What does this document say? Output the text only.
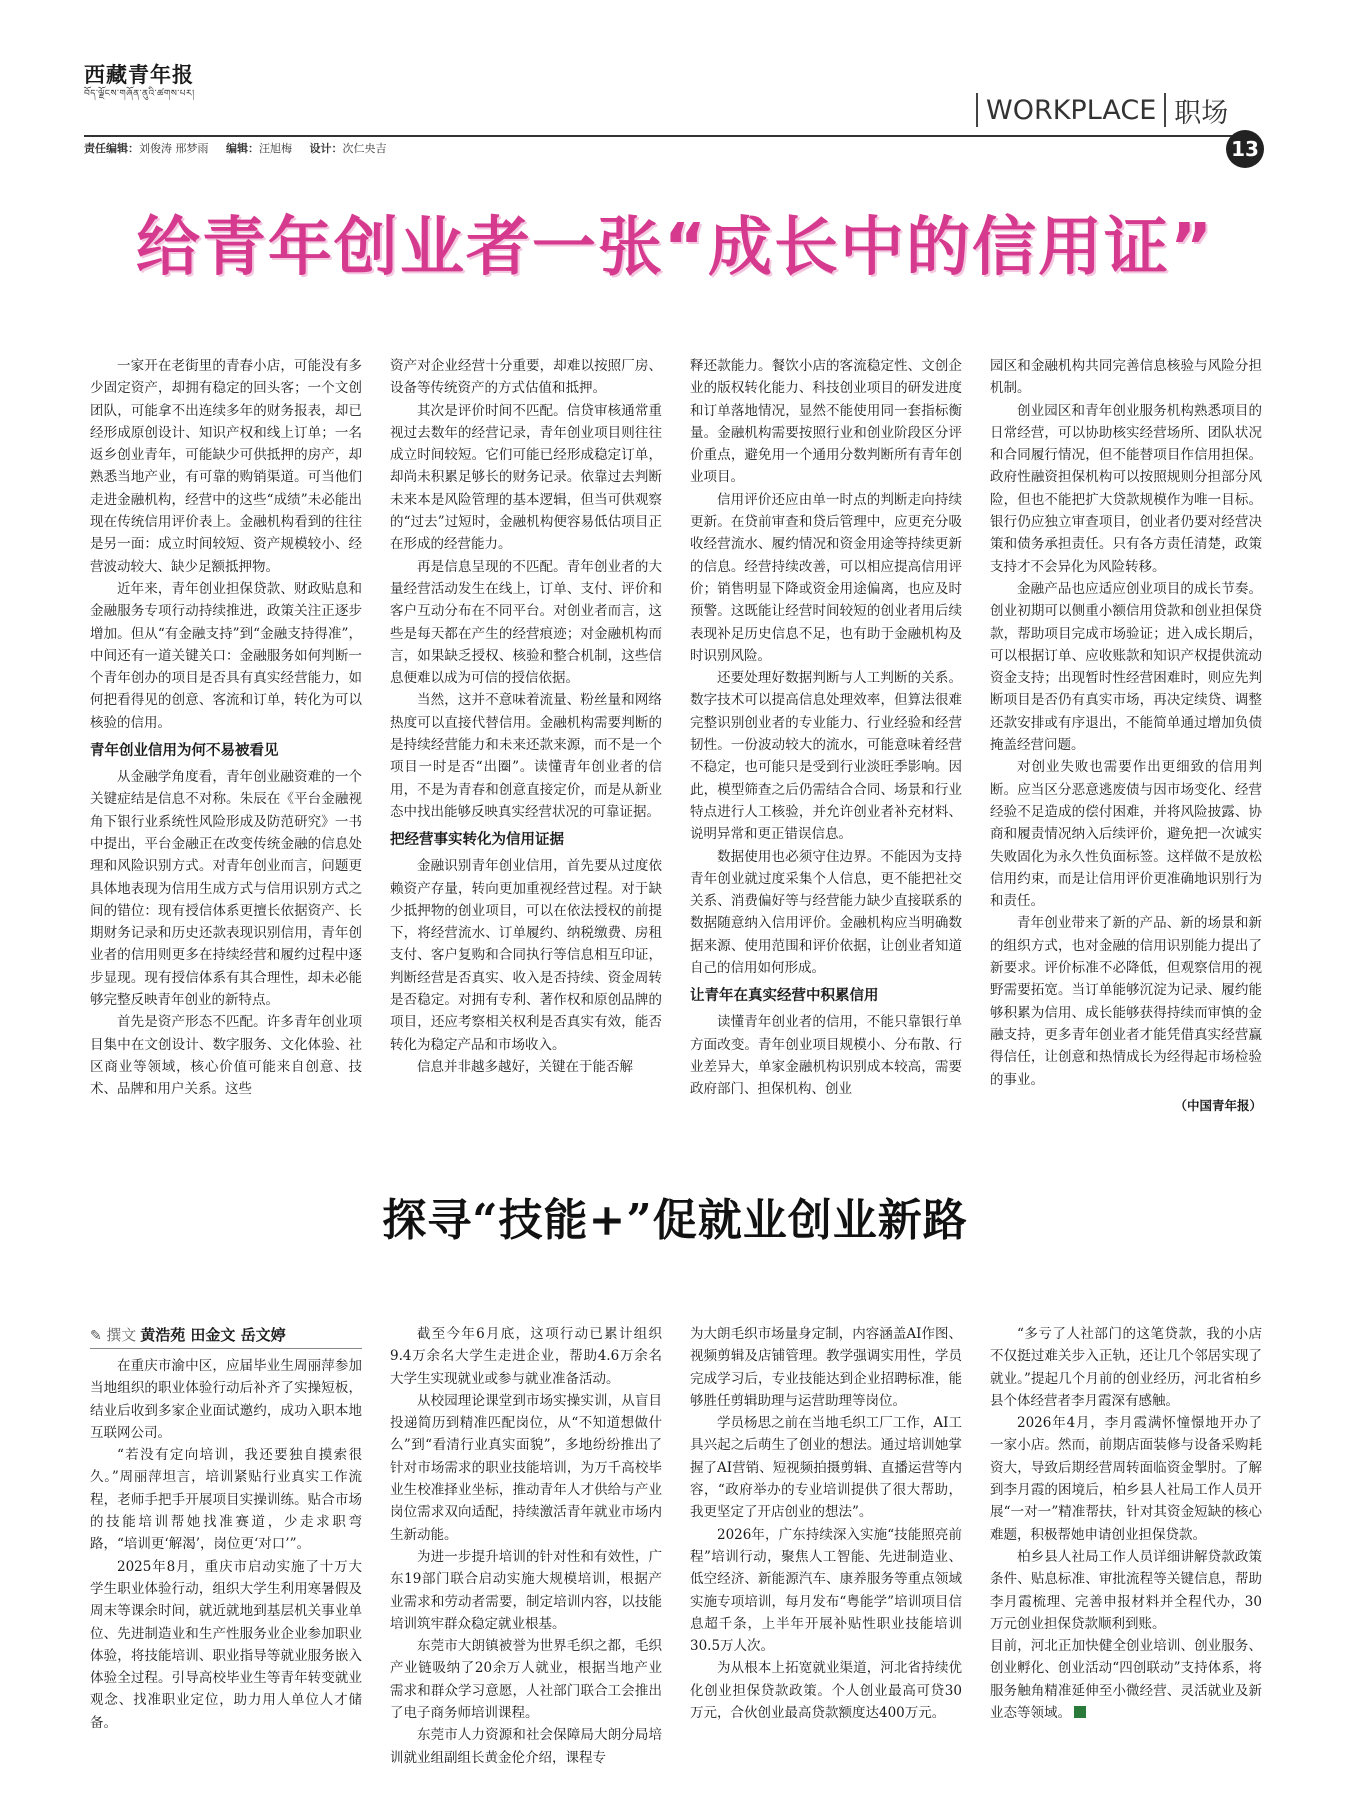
西藏青年报
བོད་ལྗོངས་གཞོན་ནུའི་ཚགས་པར།
WORKPLACE 职场
责任编辑：刘俊涛 邢梦雨 编辑：汪旭梅 设计：次仁央吉	13
给青年创业者一张“成长中的信用证”

一家开在老街里的青春小店，可能没有多少固定资产，却拥有稳定的回头客；一个文创团队，可能拿不出连续多年的财务报表，却已经形成原创设计、知识产权和线上订单；一名返乡创业青年，可能缺少可供抵押的房产，却熟悉当地产业，有可靠的购销渠道。可当他们走进金融机构，经营中的这些“成绩”未必能出现在传统信用评价表上。金融机构看到的往往是另一面：成立时间较短、资产规模较小、经营波动较大、缺少足额抵押物。

近年来，青年创业担保贷款、财政贴息和金融服务专项行动持续推进，政策关注正逐步增加。但从“有金融支持”到“金融支持得准”，中间还有一道关键关口：金融服务如何判断一个青年创办的项目是否具有真实经营能力，如何把看得见的创意、客流和订单，转化为可以核验的信用。

青年创业信用为何不易被看见

从金融学角度看，青年创业融资难的一个关键症结是信息不对称。朱辰在《平台金融视角下银行业系统性风险形成及防范研究》一书中提出，平台金融正在改变传统金融的信息处理和风险识别方式。对青年创业而言，问题更具体地表现为信用生成方式与信用识别方式之间的错位：现有授信体系更擅长依据资产、长期财务记录和历史还款表现识别信用，青年创业者的信用则更多在持续经营和履约过程中逐步显现。现有授信体系有其合理性，却未必能够完整反映青年创业的新特点。

首先是资产形态不匹配。许多青年创业项目集中在文创设计、数字服务、文化体验、社区商业等领域，核心价值可能来自创意、技术、品牌和用户关系。这些

资产对企业经营十分重要，却难以按照厂房、设备等传统资产的方式估值和抵押。

其次是评价时间不匹配。信贷审核通常重视过去数年的经营记录，青年创业项目则往往成立时间较短。它们可能已经形成稳定订单，却尚未积累足够长的财务记录。依靠过去判断未来本是风险管理的基本逻辑，但当可供观察的“过去”过短时，金融机构便容易低估项目正在形成的经营能力。

再是信息呈现的不匹配。青年创业者的大量经营活动发生在线上，订单、支付、评价和客户互动分布在不同平台。对创业者而言，这些是每天都在产生的经营痕迹；对金融机构而言，如果缺乏授权、核验和整合机制，这些信息便难以成为可信的授信依据。

当然，这并不意味着流量、粉丝量和网络热度可以直接代替信用。金融机构需要判断的是持续经营能力和未来还款来源，而不是一个项目一时是否“出圈”。读懂青年创业者的信用，不是为青春和创意直接定价，而是从新业态中找出能够反映真实经营状况的可靠证据。

把经营事实转化为信用证据

金融识别青年创业信用，首先要从过度依赖资产存量，转向更加重视经营过程。对于缺少抵押物的创业项目，可以在依法授权的前提下，将经营流水、订单履约、纳税缴费、房租支付、客户复购和合同执行等信息相互印证，判断经营是否真实、收入是否持续、资金周转是否稳定。对拥有专利、著作权和原创品牌的项目，还应考察相关权利是否真实有效，能否转化为稳定产品和市场收入。

信息并非越多越好，关键在于能否解

释还款能力。餐饮小店的客流稳定性、文创企业的版权转化能力、科技创业项目的研发进度和订单落地情况，显然不能使用同一套指标衡量。金融机构需要按照行业和创业阶段区分评价重点，避免用一个通用分数判断所有青年创业项目。

信用评价还应由单一时点的判断走向持续更新。在贷前审查和贷后管理中，应更充分吸收经营流水、履约情况和资金用途等持续更新的信息。经营持续改善，可以相应提高信用评价；销售明显下降或资金用途偏离，也应及时预警。这既能让经营时间较短的创业者用后续表现补足历史信息不足，也有助于金融机构及时识别风险。

还要处理好数据判断与人工判断的关系。数字技术可以提高信息处理效率，但算法很难完整识别创业者的专业能力、行业经验和经营韧性。一份波动较大的流水，可能意味着经营不稳定，也可能只是受到行业淡旺季影响。因此，模型筛查之后仍需结合合同、场景和行业特点进行人工核验，并允许创业者补充材料、说明异常和更正错误信息。

数据使用也必须守住边界。不能因为支持青年创业就过度采集个人信息，更不能把社交关系、消费偏好等与经营能力缺少直接联系的数据随意纳入信用评价。金融机构应当明确数据来源、使用范围和评价依据，让创业者知道自己的信用如何形成。

让青年在真实经营中积累信用

读懂青年创业者的信用，不能只靠银行单方面改变。青年创业项目规模小、分布散、行业差异大，单家金融机构识别成本较高，需要政府部门、担保机构、创业

园区和金融机构共同完善信息核验与风险分担机制。

创业园区和青年创业服务机构熟悉项目的日常经营，可以协助核实经营场所、团队状况和合同履行情况，但不能替项目作信用担保。政府性融资担保机构可以按照规则分担部分风险，但也不能把扩大贷款规模作为唯一目标。银行仍应独立审查项目，创业者仍要对经营决策和债务承担责任。只有各方责任清楚，政策支持才不会异化为风险转移。

金融产品也应适应创业项目的成长节奏。创业初期可以侧重小额信用贷款和创业担保贷款，帮助项目完成市场验证；进入成长期后，可以根据订单、应收账款和知识产权提供流动资金支持；出现暂时性经营困难时，则应先判断项目是否仍有真实市场，再决定续贷、调整还款安排或有序退出，不能简单通过增加负债掩盖经营问题。

对创业失败也需要作出更细致的信用判断。应当区分恶意逃废债与因市场变化、经营经验不足造成的偿付困难，并将风险披露、协商和履责情况纳入后续评价，避免把一次诚实失败固化为永久性负面标签。这样做不是放松信用约束，而是让信用评价更准确地识别行为和责任。

青年创业带来了新的产品、新的场景和新的组织方式，也对金融的信用识别能力提出了新要求。评价标准不必降低，但观察信用的视野需要拓宽。当订单能够沉淀为记录、履约能够积累为信用、成长能够获得持续而审慎的金融支持，更多青年创业者才能凭借真实经营赢得信任，让创意和热情成长为经得起市场检验的事业。

（中国青年报）
探寻“技能+”促就业创业新路
✎ 撰文 黄浩苑 田金文 岳文婷

在重庆市渝中区，应届毕业生周丽萍参加当地组织的职业体验行动后补齐了实操短板，结业后收到多家企业面试邀约，成功入职本地互联网公司。

“若没有定向培训，我还要独自摸索很久。”周丽萍坦言，培训紧贴行业真实工作流程，老师手把手开展项目实操训练。贴合市场的技能培训帮她找准赛道，少走求职弯路，“培训更‘解渴’，岗位更‘对口’”。

2025年8月，重庆市启动实施了十万大学生职业体验行动，组织大学生利用寒暑假及周末等课余时间，就近就地到基层机关事业单位、先进制造业和生产性服务业企业参加职业体验，将技能培训、职业指导等就业服务嵌入体验全过程。引导高校毕业生等青年转变就业观念、找准职业定位，助力用人单位人才储备。

截至今年6月底，这项行动已累计组织9.4万余名大学生走进企业，帮助4.6万余名大学生实现就业或参与就业准备活动。

从校园理论课堂到市场实操实训，从盲目投递简历到精准匹配岗位，从“不知道想做什么”到“看清行业真实面貌”，多地纷纷推出了针对市场需求的职业技能培训，为万千高校毕业生校准择业坐标，推动青年人才供给与产业岗位需求双向适配，持续激活青年就业市场内生新动能。

为进一步提升培训的针对性和有效性，广东19部门联合启动实施大规模培训，根据产业需求和劳动者需要，制定培训内容，以技能培训筑牢群众稳定就业根基。

东莞市大朗镇被誉为世界毛织之都，毛织产业链吸纳了20余万人就业，根据当地产业需求和群众学习意愿，人社部门联合工会推出了电子商务师培训课程。

东莞市人力资源和社会保障局大朗分局培训就业组副组长黄金伦介绍，课程专

为大朗毛织市场量身定制，内容涵盖AI作图、视频剪辑及店铺管理。教学强调实用性，学员完成学习后，专业技能达到企业招聘标准，能够胜任剪辑助理与运营助理等岗位。

学员杨思之前在当地毛织工厂工作，AI工具兴起之后萌生了创业的想法。通过培训她掌握了AI营销、短视频拍摄剪辑、直播运营等内容，“政府举办的专业培训提供了很大帮助，我更坚定了开店创业的想法”。

2026年，广东持续深入实施“技能照亮前程”培训行动，聚焦人工智能、先进制造业、低空经济、新能源汽车、康养服务等重点领域实施专项培训，每月发布“粤能学”培训项目信息超千条，上半年开展补贴性职业技能培训30.5万人次。

为从根本上拓宽就业渠道，河北省持续优化创业担保贷款政策。个人创业最高可贷30万元，合伙创业最高贷款额度达400万元。

“多亏了人社部门的这笔贷款，我的小店不仅挺过难关步入正轨，还让几个邻居实现了就业。”提起几个月前的创业经历，河北省柏乡县个体经营者李月霞深有感触。

2026年4月，李月霞满怀憧憬地开办了一家小店。然而，前期店面装修与设备采购耗资大，导致后期经营周转面临资金掣肘。了解到李月霞的困境后，柏乡县人社局工作人员开展“一对一”精准帮扶，针对其资金短缺的核心难题，积极帮她申请创业担保贷款。

柏乡县人社局工作人员详细讲解贷款政策条件、贴息标准、审批流程等关键信息，帮助李月霞梳理、完善申报材料并全程代办，30万元创业担保贷款顺利到账。

目前，河北正加快健全创业培训、创业服务、创业孵化、创业活动“四创联动”支持体系，将服务触角精准延伸至小微经营、灵活就业及新业态等领域。
